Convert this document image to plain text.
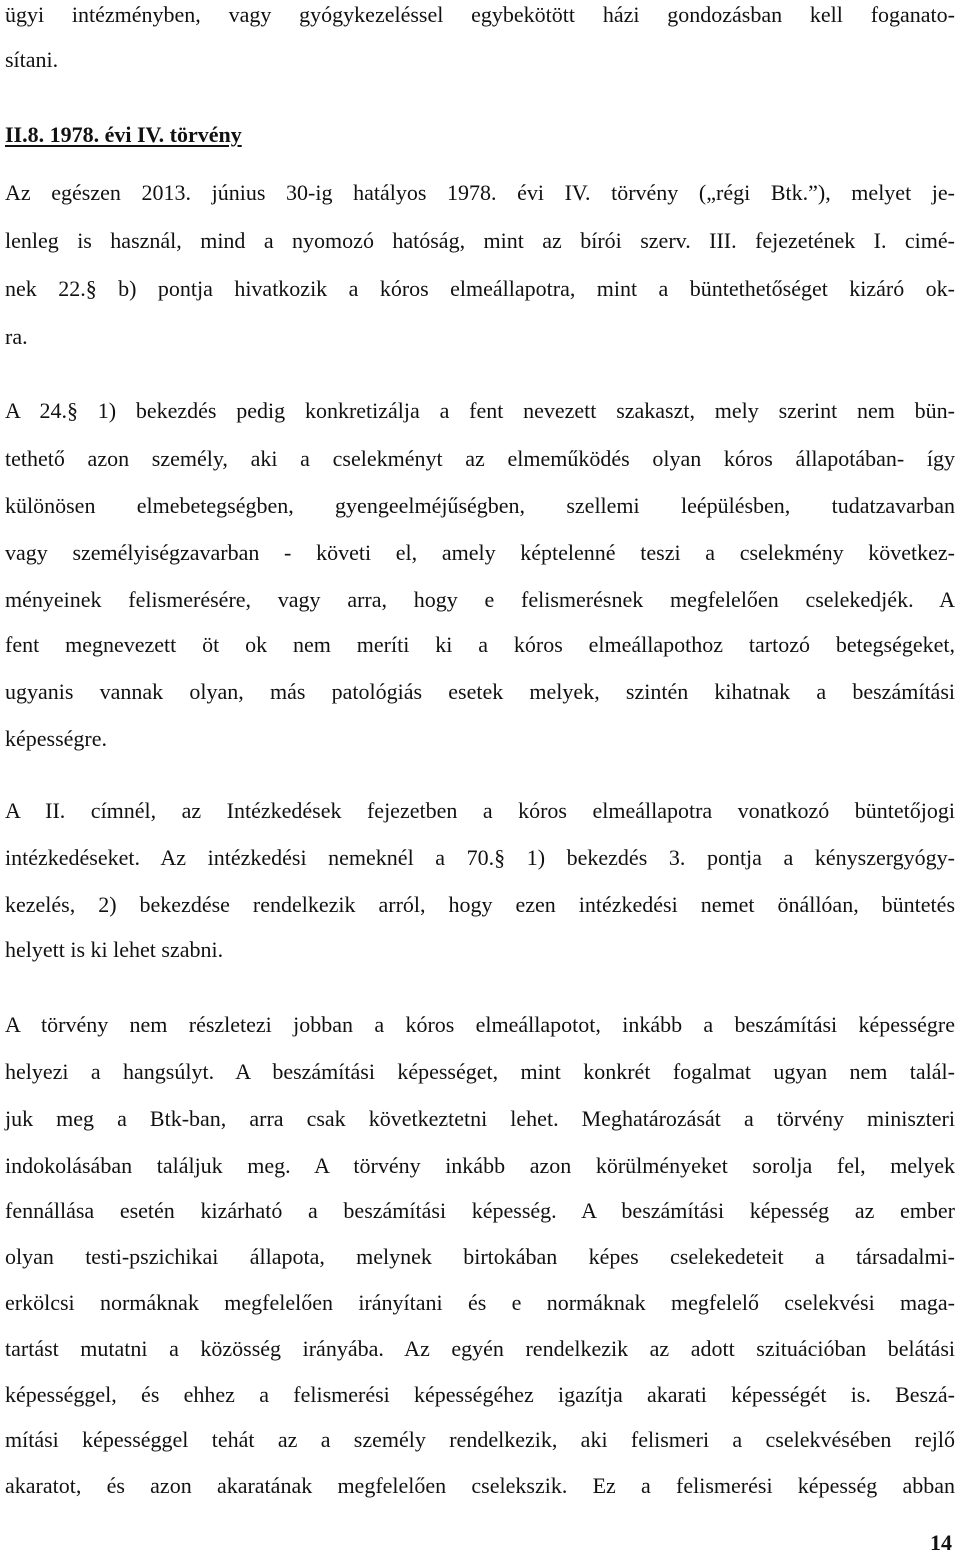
ügyi intézményben, vagy gyógykezeléssel egybekötött házi gondozásban kell foganato-
sítani.
II.8. 1978. évi IV. törvény
Az egészen 2013. június 30-ig hatályos 1978. évi IV. törvény („régi Btk.”), melyet je-
lenleg is használ, mind a nyomozó hatóság, mint az bírói szerv. III. fejezetének I. cimé-
nek 22.§ b) pontja hivatkozik a kóros elmeállapotra, mint a büntethetőséget kizáró ok-
ra.
A 24.§ 1) bekezdés pedig konkretizálja a fent nevezett szakaszt, mely szerint nem bün-
tethető azon személy, aki a cselekményt az elmeműködés olyan kóros állapotában- így
különösen elmebetegségben, gyengeelméjűségben, szellemi leépülésben, tudatzavarban
vagy személyiségzavarban - követi el, amely képtelenné teszi a cselekmény következ-
ményeinek felismerésére, vagy arra, hogy e felismerésnek megfelelően cselekedjék. A
fent megnevezett öt ok nem meríti ki a kóros elmeállapothoz tartozó betegségeket,
ugyanis vannak olyan, más patológiás esetek melyek, szintén kihatnak a beszámítási
képességre.
A II. címnél, az Intézkedések fejezetben a kóros elmeállapotra vonatkozó büntetőjogi
intézkedéseket. Az intézkedési nemeknél a 70.§ 1) bekezdés 3. pontja a kényszergyógy-
kezelés, 2) bekezdése rendelkezik arról, hogy ezen intézkedési nemet önállóan, büntetés
helyett is ki lehet szabni.
A törvény nem részletezi jobban a kóros elmeállapotot, inkább a beszámítási képességre
helyezi a hangsúlyt. A beszámítási képességet, mint konkrét fogalmat ugyan nem talál-
juk meg a Btk-ban, arra csak következtetni lehet. Meghatározását a törvény miniszteri
indokolásában találjuk meg. A törvény inkább azon körülményeket sorolja fel, melyek
fennállása esetén kizárható a beszámítási képesség. A beszámítási képesség az ember
olyan testi-pszichikai állapota, melynek birtokában képes cselekedeteit a társadalmi-
erkölcsi normáknak megfelelően irányítani és e normáknak megfelelő cselekvési maga-
tartást mutatni a közösség irányába. Az egyén rendelkezik az adott szituációban belátási
képességgel, és ehhez a felismerési képességéhez igazítja akarati képességét is. Beszá-
mítási képességgel tehát az a személy rendelkezik, aki felismeri a cselekvésében rejlő
akaratot, és azon akaratának megfelelően cselekszik. Ez a felismerési képesség abban
14
